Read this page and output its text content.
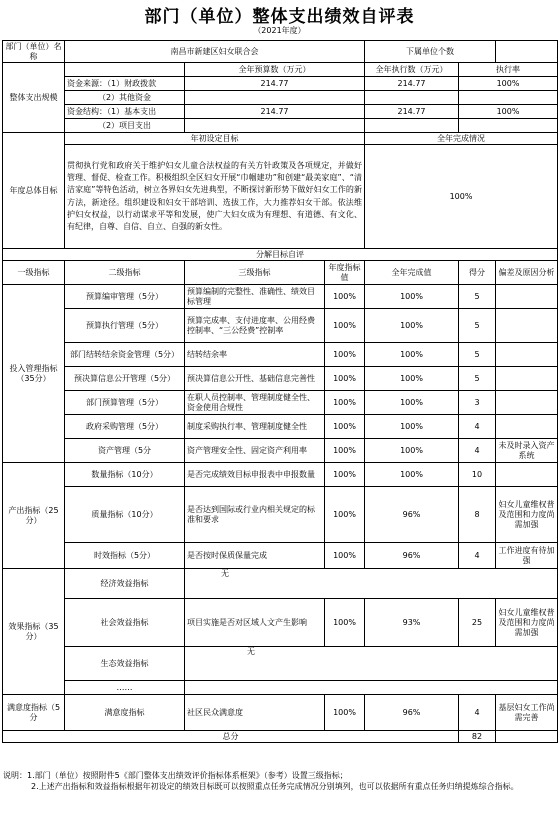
部门（单位）整体支出绩效自评表
（2021年度）
部门（单位）名称	南昌市新建区妇女联合会			下属单位个数		
整体支出规模		全年预算数（万元）		全年执行数（万元）	执行率	
	资金来源：（1）财政拨款	214.77		214.77	100%	
	（2）其他资金					
	资金结构：（1）基本支出	214.77		214.77	100%	
	（2）项目支出					
年度总体目标	年初设定目标			全年完成情况		
	贯彻执行党和政府关于维护妇女儿童合法权益的有关方针政策及各项规定，并做好管理、督促、检查工作。积极组织全区妇女开展“巾帼建功”和创建“最美家庭”、“清洁家庭”等特色活动，树立各界妇女先进典型，不断探讨新形势下做好妇女工作的新方法，新途径。组织建设和妇女干部培训、选拔工作，大力推荐妇女干部。依法维护妇女权益，以行动谋求平等和发展，使广大妇女成为有理想、有道德、有文化、有纪律，自尊、自信、自立、自强的新女性。			100%		
分解目标自评						
一级指标	二级指标	三级指标	年度指标值	全年完成值	得分	偏差及原因分析
投入管理指标（35分）	预算编审管理（5分）	预算编制的完整性、准确性、绩效目标管理	100%	100%	5	
	预算执行管理（5分）	预算完成率、支付进度率、公用经费控制率、“三公经费”控制率	100%	100%	5	
	部门结转结余资金管理（5分）	结转结余率	100%	100%	5	
	预决算信息公开管理（5分）	预决算信息公开性、基础信息完善性	100%	100%	5	
	部门预算管理（5分）	在职人员控制率、管理制度健全性、资金使用合规性	100%	100%	3	
	政府采购管理（5分）	制度采购执行率、管理制度健全性	100%	100%	4	
	资产管理（5分	资产管理安全性、固定资产利用率	100%	100%	4	未及时录入资产系统
产出指标（25分）	数量指标（10分）	是否完成绩效目标申报表中申报数量	100%	100%	10	
	质量指标（10分）	是否达到国际或行业内相关规定的标准和要求	100%	96%	8	妇女儿童维权普及范围和力度尚需加强
	时效指标（5分）	是否按时保质保量完成	100%	96%	4	工作进度有待加强
效果指标（35分）	经济效益指标	无				
	社会效益指标	项目实施是否对区域人文产生影响	100%	93%	25	妇女儿童维权普及范围和力度尚需加强
	生态效益指标	无				
	……					
满意度指标（5分	满意度指标	社区民众满意度	100%	96%	4	基层妇女工作尚需完善
总分					82	
说明：1.部门（单位）按照附件5《部门整体支出绩效评价指标体系框架》（参考）设置三级指标；
2.上述产出指标和效益指标根据年初设定的绩效目标既可以按照重点任务完成情况分别填列，也可以依据所有重点任务归纳提炼综合指标。
